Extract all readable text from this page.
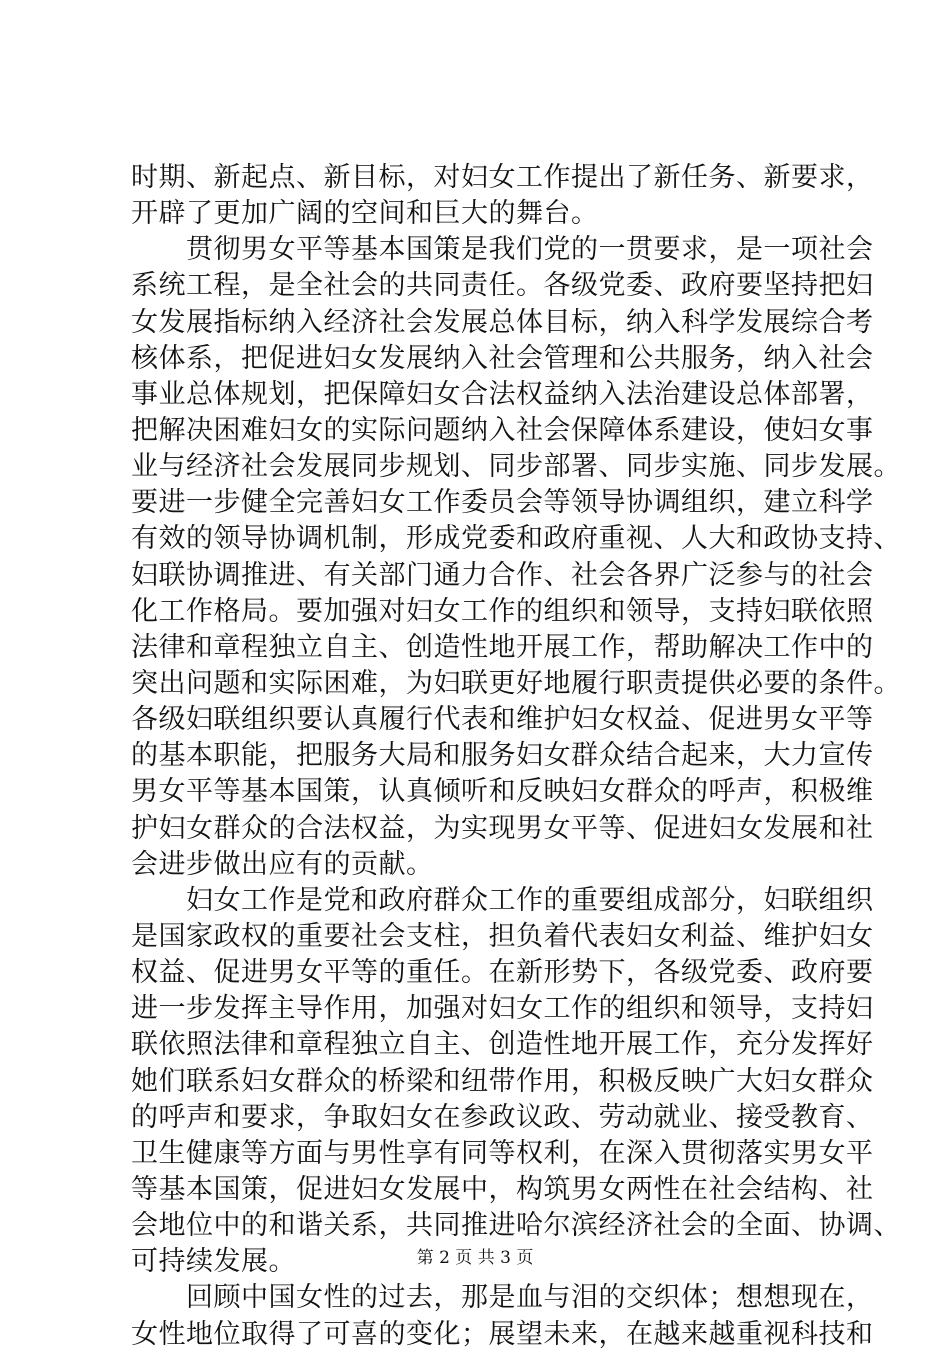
时期、新起点、新目标，对妇女工作提出了新任务、新要求，
开辟了更加广阔的空间和巨大的舞台。
　　贯彻男女平等基本国策是我们党的一贯要求，是一项社会
系统工程，是全社会的共同责任。各级党委、政府要坚持把妇
女发展指标纳入经济社会发展总体目标，纳入科学发展综合考
核体系，把促进妇女发展纳入社会管理和公共服务，纳入社会
事业总体规划，把保障妇女合法权益纳入法治建设总体部署，
把解决困难妇女的实际问题纳入社会保障体系建设，使妇女事
业与经济社会发展同步规划、同步部署、同步实施、同步发展。
要进一步健全完善妇女工作委员会等领导协调组织，建立科学
有效的领导协调机制，形成党委和政府重视、人大和政协支持、
妇联协调推进、有关部门通力合作、社会各界广泛参与的社会
化工作格局。要加强对妇女工作的组织和领导，支持妇联依照
法律和章程独立自主、创造性地开展工作，帮助解决工作中的
突出问题和实际困难，为妇联更好地履行职责提供必要的条件。
各级妇联组织要认真履行代表和维护妇女权益、促进男女平等
的基本职能，把服务大局和服务妇女群众结合起来，大力宣传
男女平等基本国策，认真倾听和反映妇女群众的呼声，积极维
护妇女群众的合法权益，为实现男女平等、促进妇女发展和社
会进步做出应有的贡献。
　　妇女工作是党和政府群众工作的重要组成部分，妇联组织
是国家政权的重要社会支柱，担负着代表妇女利益、维护妇女
权益、促进男女平等的重任。在新形势下，各级党委、政府要
进一步发挥主导作用，加强对妇女工作的组织和领导，支持妇
联依照法律和章程独立自主、创造性地开展工作，充分发挥好
她们联系妇女群众的桥梁和纽带作用，积极反映广大妇女群众
的呼声和要求，争取妇女在参政议政、劳动就业、接受教育、
卫生健康等方面与男性享有同等权利，在深入贯彻落实男女平
等基本国策，促进妇女发展中，构筑男女两性在社会结构、社
会地位中的和谐关系，共同推进哈尔滨经济社会的全面、协调、
可持续发展。
　　回顾中国女性的过去，那是血与泪的交织体；想想现在，
女性地位取得了可喜的变化；展望未来，在越来越重视科技和
第 2 页 共 3 页
